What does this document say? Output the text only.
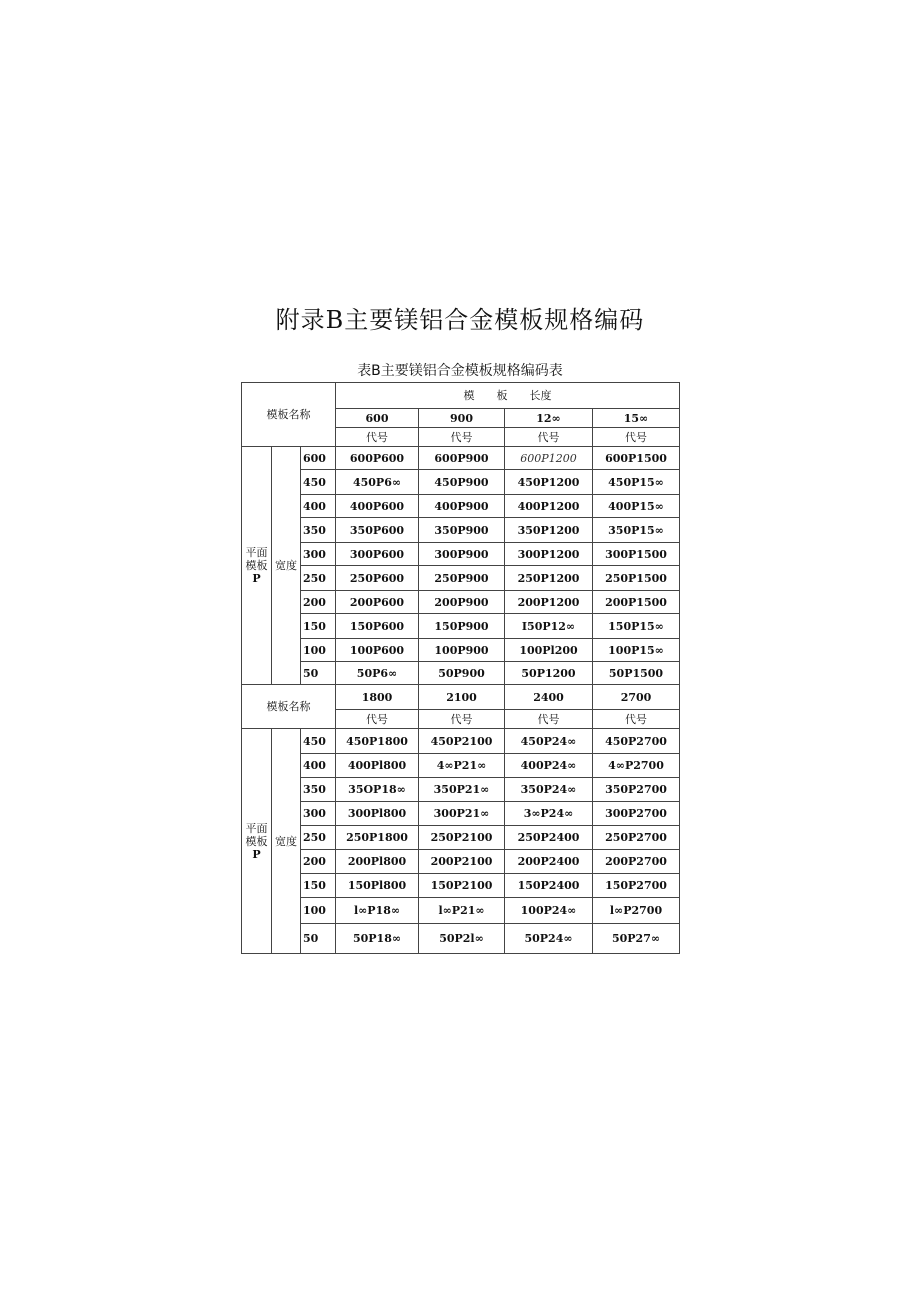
附录B主要镁铝合金模板规格编码
表B主要镁铝合金模板规格编码表
模板名称			模　　板　　长度			
			600	900	12∞	15∞
			代号	代号	代号	代号

平面
模板
P	宽度	600	600P600	600P900	600P1200	600P1500
		450	450P6∞	450P900	450P1200	450P15∞
		400	400P600	400P900	400P1200	400P15∞
		350	350P600	350P900	350P1200	350P15∞
		300	300P600	300P900	300P1200	300P1500
		250	250P600	250P900	250P1200	250P1500
		200	200P600	200P900	200P1200	200P1500
		150	150P600	150P900	I50P12∞	150P15∞
		100	100P600	100P900	100Pl200	100P15∞
		50	50P6∞	50P900	50P1200	50P1500
模板名称			1800	2100	2400	2700
			代号	代号	代号	代号

平面
模板
P	宽度	450	450P1800	450P2100	450P24∞	450P2700
		400	400Pl800	4∞P21∞	400P24∞	4∞P2700
		350	35OP18∞	350P21∞	350P24∞	350P2700
		300	300Pl800	300P21∞	3∞P24∞	300P2700
		250	250P1800	250P2100	250P2400	250P2700
		200	200Pl800	200P2100	200P2400	200P2700
		150	150Pl800	150P2100	150P2400	150P2700
		100	l∞P18∞	l∞P21∞	100P24∞	l∞P2700
		50	50P18∞	50P2l∞	50P24∞	50P27∞
